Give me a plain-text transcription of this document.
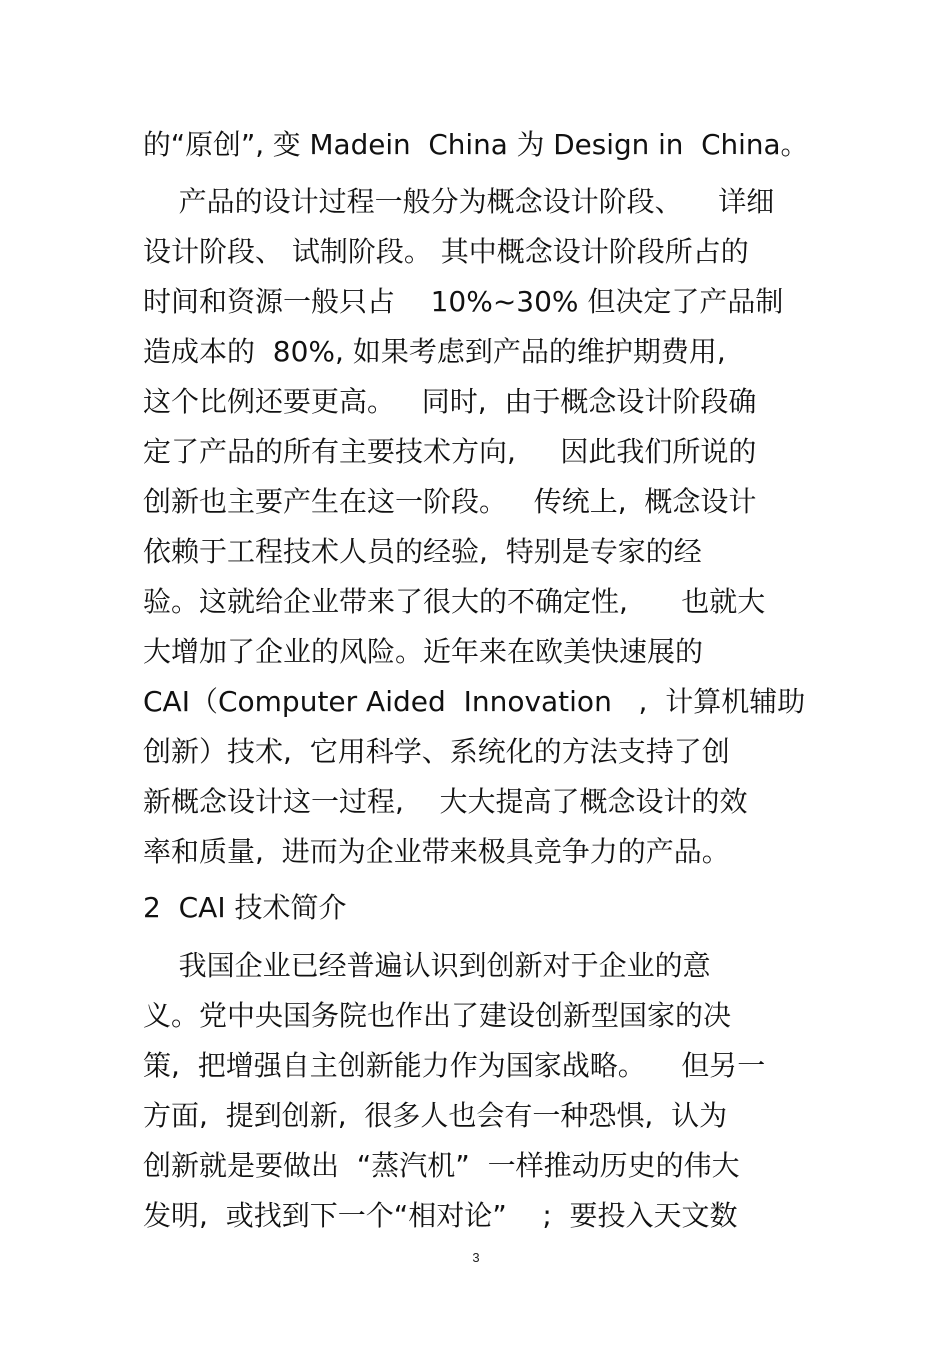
的“原创”, 变 Madein  China 为 Design in  China。

产品的设计过程一般分为概念设计阶段、    详细

设计阶段、 试制阶段。 其中概念设计阶段所占的

时间和资源一般只占    10%~30% 但决定了产品制

造成本的  80%, 如果考虑到产品的维护期费用,

这个比例还要更高。   同时,  由于概念设计阶段确

定了产品的所有主要技术方向,     因此我们所说的

创新也主要产生在这一阶段。   传统上,  概念设计

依赖于工程技术人员的经验,  特别是专家的经

验。这就给企业带来了很大的不确定性,      也就大

大增加了企业的风险。近年来在欧美快速展的

CAI（Computer Aided  Innovation   ,  计算机辅助

创新）技术,  它用科学、系统化的方法支持了创

新概念设计这一过程,    大大提高了概念设计的效

率和质量,  进而为企业带来极具竞争力的产品。

2  CAI 技术简介

我国企业已经普遍认识到创新对于企业的意

义。党中央国务院也作出了建设创新型国家的决

策,  把增强自主创新能力作为国家战略。    但另一

方面,  提到创新,  很多人也会有一种恐惧,  认为

创新就是要做出  “蒸汽机”  一样推动历史的伟大

发明,  或找到下一个“相对论”    ;  要投入天文数

3
